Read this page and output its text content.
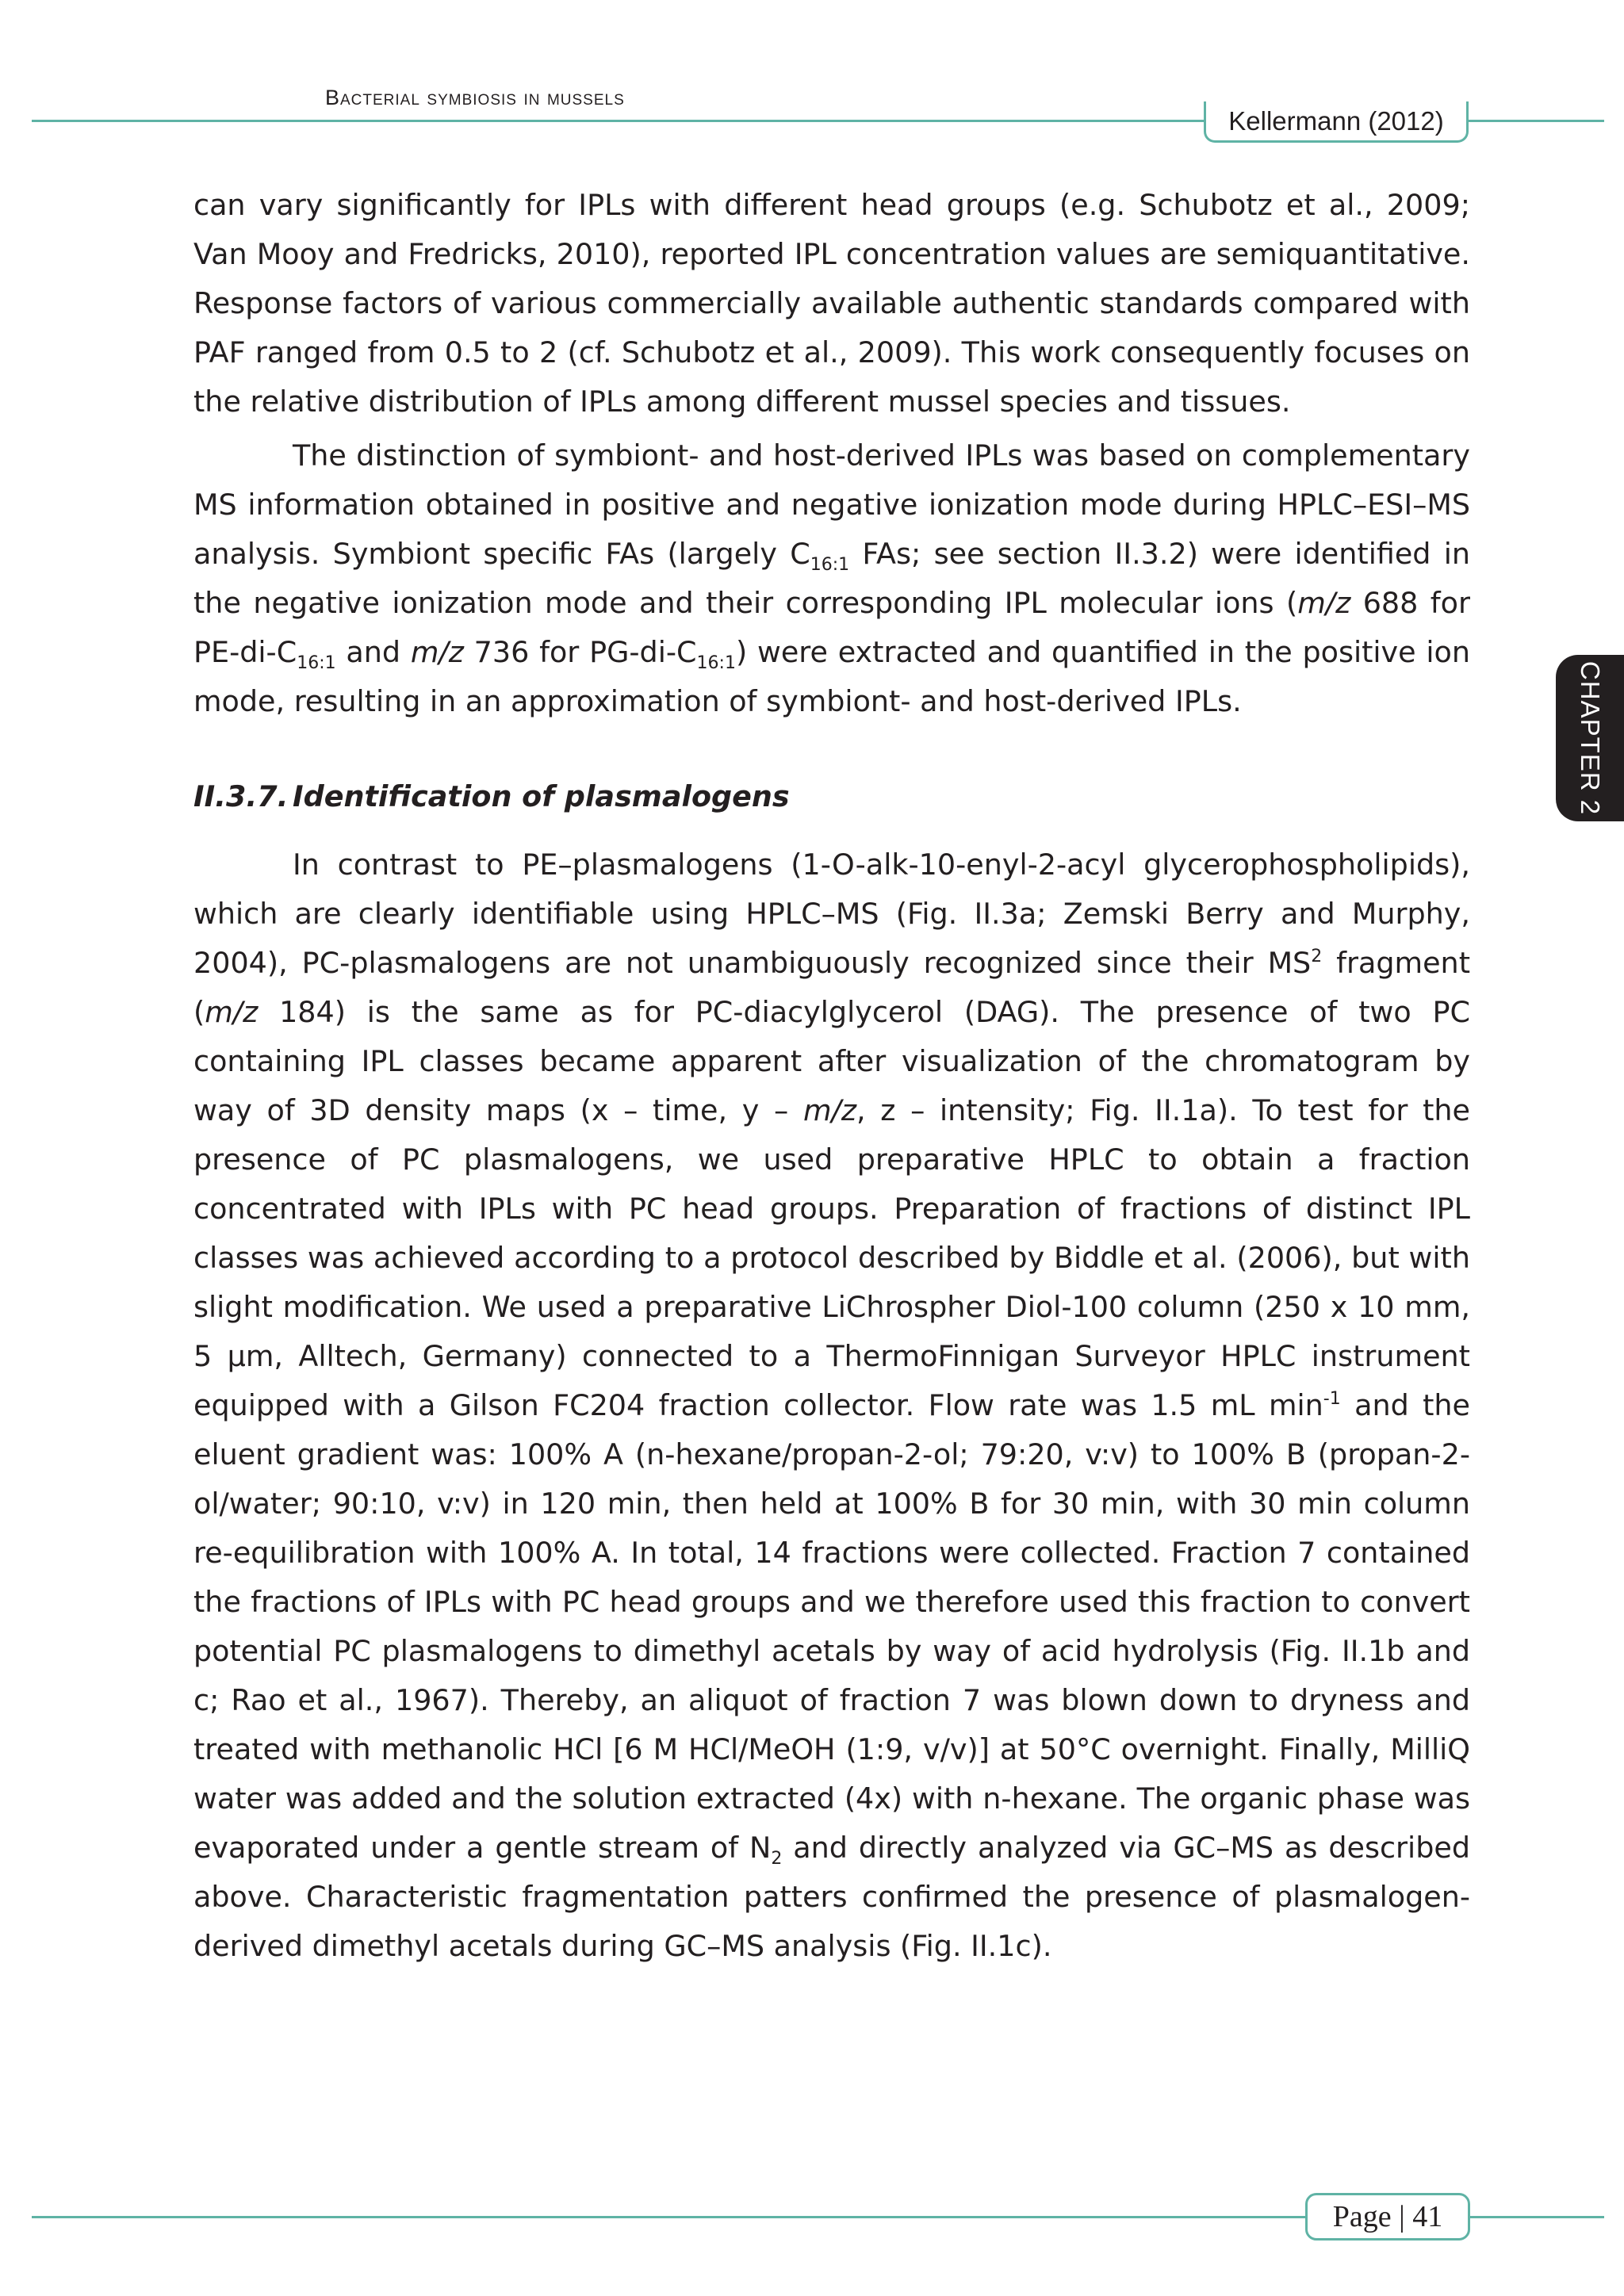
Bacterial symbiosis in mussels
Kellermann (2012)
CHAPTER 2

can vary significantly for IPLs with different head groups (e.g. Schubotz et al., 2009; Van Mooy and Fredricks, 2010), reported IPL concentration values are semiquantitative. Response factors of various commercially available authentic standards compared with PAF ranged from 0.5 to 2 (cf. Schubotz et al., 2009). This work consequently focuses on the relative distribution of IPLs among different mussel species and tissues.

The distinction of symbiont- and host-derived IPLs was based on complementary MS information obtained in positive and negative ionization mode during HPLC–ESI–MS analysis. Symbiont specific FAs (largely $C_{16:1}$ FAs; see section II.3.2) were identified in the negative ionization mode and their corresponding IPL molecular ions (m/z 688 for $PE-di-C_{16:1}$ and m/z 736 for $PG-di-C_{16:1}$) were extracted and quantified in the positive ion mode, resulting in an approximation of symbiont- and host-derived IPLs.

II.3.7. Identification of plasmalogens

In contrast to PE–plasmalogens (1-O-alk-10-enyl-2-acyl glycerophospholipids), which are clearly identifiable using HPLC–MS (Fig. II.3a; Zemski Berry and Murphy, 2004), PC-plasmalogens are not unambiguously recognized since their $MS^2$ fragment (m/z 184) is the same as for PC-diacylglycerol (DAG). The presence of two PC containing IPL classes became apparent after visualization of the chromatogram by way of 3D density maps (x – time, y – m/z, z – intensity; Fig. II.1a). To test for the presence of PC plasmalogens, we used preparative HPLC to obtain a fraction concentrated with IPLs with PC head groups. Preparation of fractions of distinct IPL classes was achieved according to a protocol described by Biddle et al. (2006), but with slight modification. We used a preparative LiChrospher Diol-100 column (250 x 10 mm, 5 μm, Alltech, Germany) connected to a ThermoFinnigan Surveyor HPLC instrument equipped with a Gilson FC204 fraction collector. Flow rate was 1.5 mL $\min^{-1}$ and the eluent gradient was: 100% A (n-hexane/propan-2-ol; 79:20, v:v) to 100% B (propan-2-ol/water; 90:10, v:v) in 120 min, then held at 100% B for 30 min, with 30 min column re-equilibration with 100% A. In total, 14 fractions were collected. Fraction 7 contained the fractions of IPLs with PC head groups and we therefore used this fraction to convert potential PC plasmalogens to dimethyl acetals by way of acid hydrolysis (Fig. II.1b and c; Rao et al., 1967). Thereby, an aliquot of fraction 7 was blown down to dryness and treated with methanolic HCl [6 M HCl/MeOH (1:9, v/v)] at 50°C overnight. Finally, MilliQ water was added and the solution extracted (4x) with n-hexane. The organic phase was evaporated under a gentle stream of $N_2$ and directly analyzed via GC–MS as described above. Characteristic fragmentation patters confirmed the presence of plasmalogen-derived dimethyl acetals during GC–MS analysis (Fig. II.1c).

Page | 41
